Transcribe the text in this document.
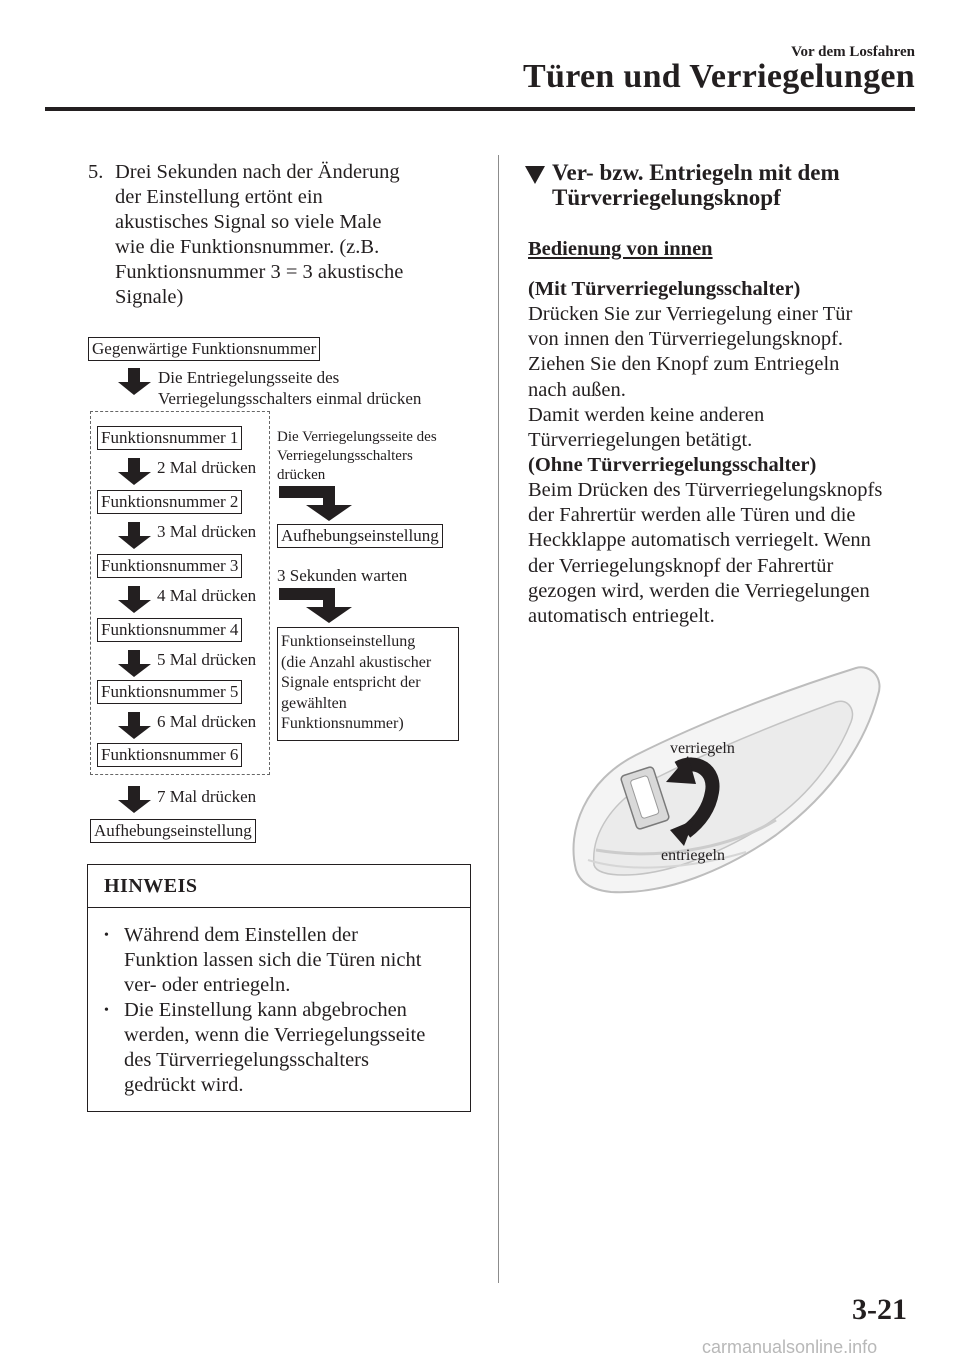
Vor dem Losfahren
Türen und Verriegelungen
5. Drei Sekunden nach der Änderung
der Einstellung ertönt ein
akustisches Signal so viele Male
wie die Funktionsnummer. (z.B.
Funktionsnummer 3 = 3 akustische
Signale)
Gegenwärtige Funktionsnummer
Die Entriegelungsseite des
Verriegelungsschalters einmal drücken
Funktionsnummer 1
2 Mal drücken
Funktionsnummer 2
3 Mal drücken
Funktionsnummer 3
4 Mal drücken
Funktionsnummer 4
5 Mal drücken
Funktionsnummer 5
6 Mal drücken
Funktionsnummer 6
7 Mal drücken
Aufhebungseinstellung
Die Verriegelungsseite des
Verriegelungsschalters
drücken
Aufhebungseinstellung
3 Sekunden warten
Funktionseinstellung
(die Anzahl akustischer
Signale entspricht der
gewählten
Funktionsnummer)
HINWEIS
• Während dem Einstellen der
Funktion lassen sich die Türen nicht
ver- oder entriegeln.
• Die Einstellung kann abgebrochen
werden, wenn die Verriegelungsseite
des Türverriegelungsschalters
gedrückt wird.
Ver- bzw. Entriegeln mit dem
Türverriegelungsknopf
Bedienung von innen
(Mit Türverriegelungsschalter)
Drücken Sie zur Verriegelung einer Tür
von innen den Türverriegelungsknopf.
Ziehen Sie den Knopf zum Entriegeln
nach außen.
Damit werden keine anderen
Türverriegelungen betätigt.
(Ohne Türverriegelungsschalter)
Beim Drücken des Türverriegelungsknopfs
der Fahrertür werden alle Türen und die
Heckklappe automatisch verriegelt. Wenn
der Verriegelungsknopf der Fahrertür
gezogen wird, werden die Verriegelungen
automatisch entriegelt.
verriegeln
entriegeln
3-21
carmanualsonline.info
